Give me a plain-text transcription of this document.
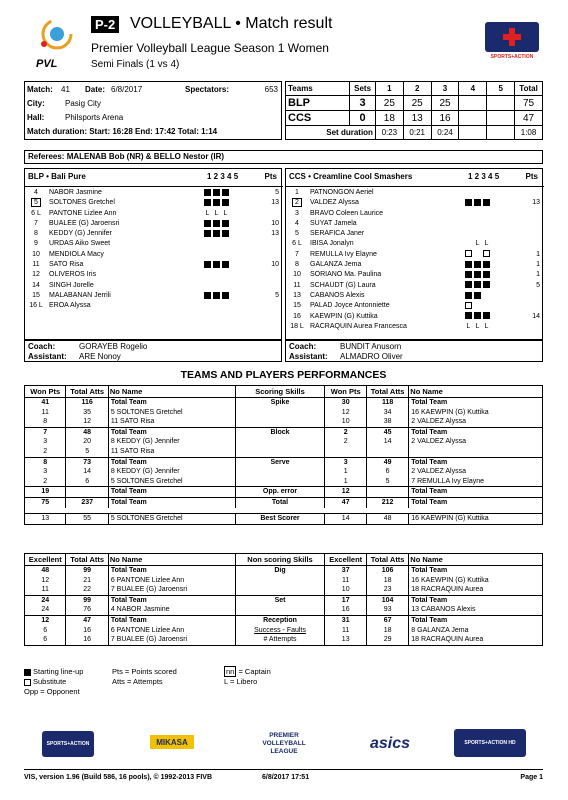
PVL
P-2 VOLLEYBALL • Match result
Premier Volleyball League Season 1 Women
Semi Finals (1 vs 4)
SPORTS+ACTION
Match: 41 Date: 6/8/2017	Spectators:	653
City:	Pasig City
Hall:	Philsports Arena
Match duration: Start: 16:28 End: 17:42 Total: 1:14
Teams	Sets	1	2	3	4	5	Total
BLP	3	25	25	25			75
CCS	0	18	13	16			47
Set duration		0:23	0:21	0:24			1:08
Referees: MALENAB Bob (NR) & BELLO Nestor (IR)
BLP • Bali Pure	1 2 3 4 5	Pts
4	NABOR Jasmine		5
5	SOLTONES Gretchel		13
6 L	PANTONE Lizlee Ann	L L L	
7	BUALEE (G) Jaroensri		10
8	KEDDY (G) Jennifer		13
9	URDAS Aiko Sweet		
10	MENDIOLA Macy		
11	SATO Risa		10
12	OLIVEROS Iris		
14	SINGH Jorelle		
15	MALABANAN Jerrili		5
16 L	EROA Alyssa		
Coach:	GORAYEB Rogelio
Assistant: ARE Nonoy
CCS • Creamline Cool Smashers	1 2 3 4 5	Pts
1	PATNONGON Aeriel		
2	VALDEZ Alyssa		13
3	BRAVO Coleen Laurice		
4	SUYAT Jamela		
5	SERAFICA Janer		
6 L	IBISA Jonalyn	L L	
7	REMULLA Ivy Elayne		1
8	GALANZA Jema		1
10	SORIANO Ma. Paulina		1
11	SCHAUDT (G) Laura		5
13	CABANOS Alexis		
15	PALAD Joyce Antonniette		
16	KAEWPIN (G) Kuttika		14
18 L	RACRAQUIN Aurea Francesca	L L L	
Coach:	BUNDIT Anusorn
Assistant: ALMADRO Oliver
TEAMS AND PLAYERS PERFORMANCES
Won Pts	Total Atts	No Name	Scoring Skills	Won Pts	Total Atts	No Name
41	116	Total Team	Spike	30	118	Total Team
11	35	5 SOLTONES Gretchel		12	34	16 KAEWPIN (G) Kuttika
8	12	11 SATO Risa		10	38	2 VALDEZ Alyssa
7	48	Total Team	Block	2	45	Total Team
3	20	8 KEDDY (G) Jennifer		2	14	2 VALDEZ Alyssa
2	5	11 SATO Risa				
8	73	Total Team	Serve	3	49	Total Team
3	14	8 KEDDY (G) Jennifer		1	6	2 VALDEZ Alyssa
2	6	5 SOLTONES Gretchel		1	5	7 REMULLA Ivy Elayne
19		Total Team	Opp. error	12		Total Team
75	237	Total Team	Total	47	212	Total Team

13	55	5 SOLTONES Gretchel	Best Scorer	14	48	16 KAEWPIN (G) Kuttika
Excellent	Total Atts	No Name	Non scoring Skills	Excellent	Total Atts	No Name
48	99	Total Team	Dig	37	106	Total Team
12	21	6 PANTONE Lizlee Ann		11	18	16 KAEWPIN (G) Kuttika
11	22	7 BUALEE (G) Jaroensri		10	23	18 RACRAQUIN Aurea
24	99	Total Team	Set	17	104	Total Team
24	76	4 NABOR Jasmine		16	93	13 CABANOS Alexis
12	47	Total Team	Reception	31	67	Total Team
6	16	6 PANTONE Lizlee Ann	Success - Faults	11	18	8 GALANZA Jema
6	16	7 BUALEE (G) Jaroensri	# Attempts	13	29	18 RACRAQUIN Aurea
Starting line-up
Substitute
Opp = Opponent
Pts = Points scored
Atts = Attempts
nn = Captain
L = Libero
SPORTS+ACTION	MIKASA
PREMIER VOLLEYBALL LEAGUE	asics	SPORTS+ACTION HD
VIS, version 1.96 (Build 586, 16 pools), © 1992-2013 FIVB	6/8/2017 17:51	Page 1
